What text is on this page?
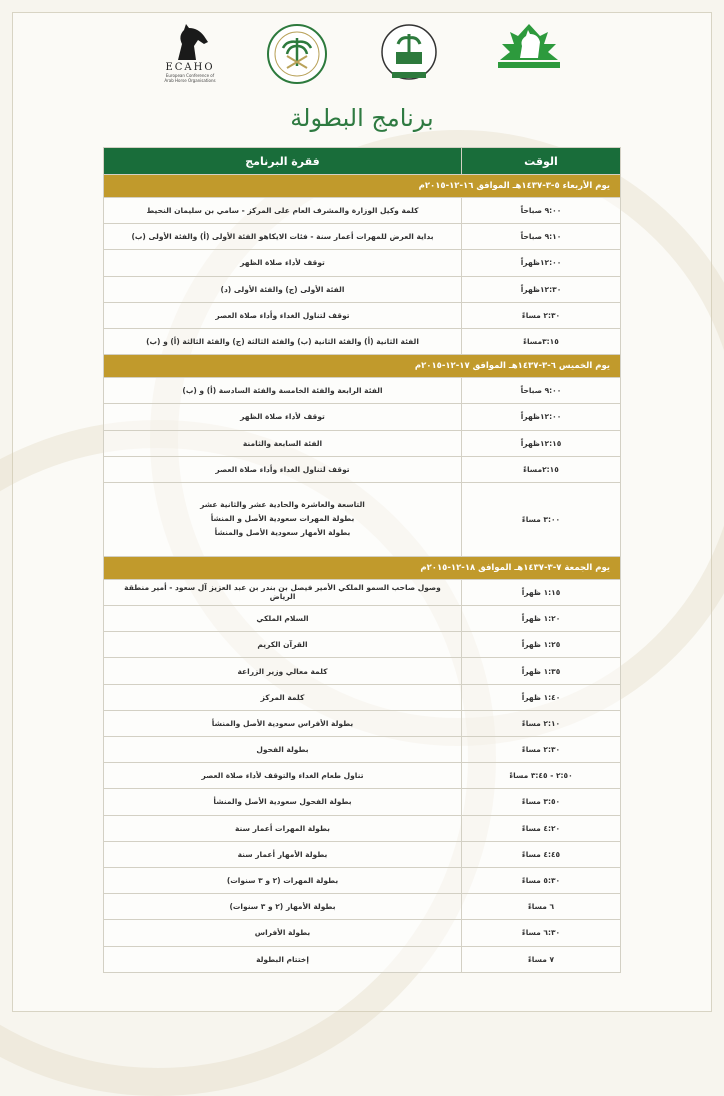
ECAHO
European Conference of
Arab Horse Organisations
برنامج البطولة
الوقت	فقرة البرنامج
يوم الأربعاء ٥-٣-١٤٣٧هـ الموافق ١٦-١٢-٢٠١٥م	
٩:٠٠ صباحاً	كلمة وكيل الوزارة والمشرف العام على المركز - سامي بن سليمان النحيط
٩:١٠ صباحاً	بداية العرض للمهرات أعمار سنة - فئات الايكاهو الفئة الأولى (أ) والفئة الأولى (ب)
١٢:٠٠ظهراً	توقف لأداء صلاة الظهر
١٢:٣٠ظهراً	الفئة الأولى (ج) والفئة الأولى (د)
٢:٣٠ مساءً	توقف لتناول الغداء وأداء صلاة العصر
٣:١٥مساءً	الفئة الثانية (أ) والفئة الثانية (ب) والفئة الثالثة (ج) والفئة الثالثة (أ) و (ب)
يوم الخميس ٦-٣-١٤٣٧هـ الموافق ١٧-١٢-٢٠١٥م	
٩:٠٠ صباحاً	الفئة الرابعة والفئة الخامسة والفئة السادسة (أ) و (ب)
١٢:٠٠ظهراً	توقف لأداء صلاة الظهر
١٢:١٥ظهراً	الفئة السابعة والثامنة
٢:١٥مساءً	توقف لتناول الغداء وأداء صلاة العصر
٣:٠٠ مساءً	التاسعة والعاشرة والحادية عشر والثانية عشر
بطولة المهرات سعودية الأصل و المنشأ
بطولة الأمهار سعودية الأصل والمنشأ

يوم الجمعة ٧-٣-١٤٣٧هـ الموافق ١٨-١٢-٢٠١٥م	
١:١٥ ظهراً	وصول صاحب السمو الملكي الأمير فيصل بن بندر بن عبد العزيز آل سعود - أمير منطقة الرياض
١:٢٠ ظهراً	السلام الملكي
١:٢٥ ظهراً	القرآن الكريم
١:٣٥ ظهراً	كلمة معالي وزير الزراعة
١:٤٠ ظهراً	كلمة المركز
٢:١٠ مساءً	بطولة الأفراس سعودية الأصل والمنشأ
٢:٣٠ مساءً	بطولة الفحول
٢:٥٠ - ٣:٤٥ مساءً	تناول طعام الغداء والتوقف لأداء صلاة العصر
٣:٥٠ مساءً	بطولة الفحول سعودية الأصل والمنشأ
٤:٢٠ مساءً	بطولة المهرات أعمار سنة
٤:٤٥ مساءً	بطولة الأمهار أعمار سنة
٥:٣٠ مساءً	بطولة المهرات (٢ و ٣ سنوات)
٦ مساءً	بطولة الأمهار (٢ و ٣ سنوات)
٦:٣٠ مساءً	بطولة الأفراس
٧ مساءً	إختتام البطولة
